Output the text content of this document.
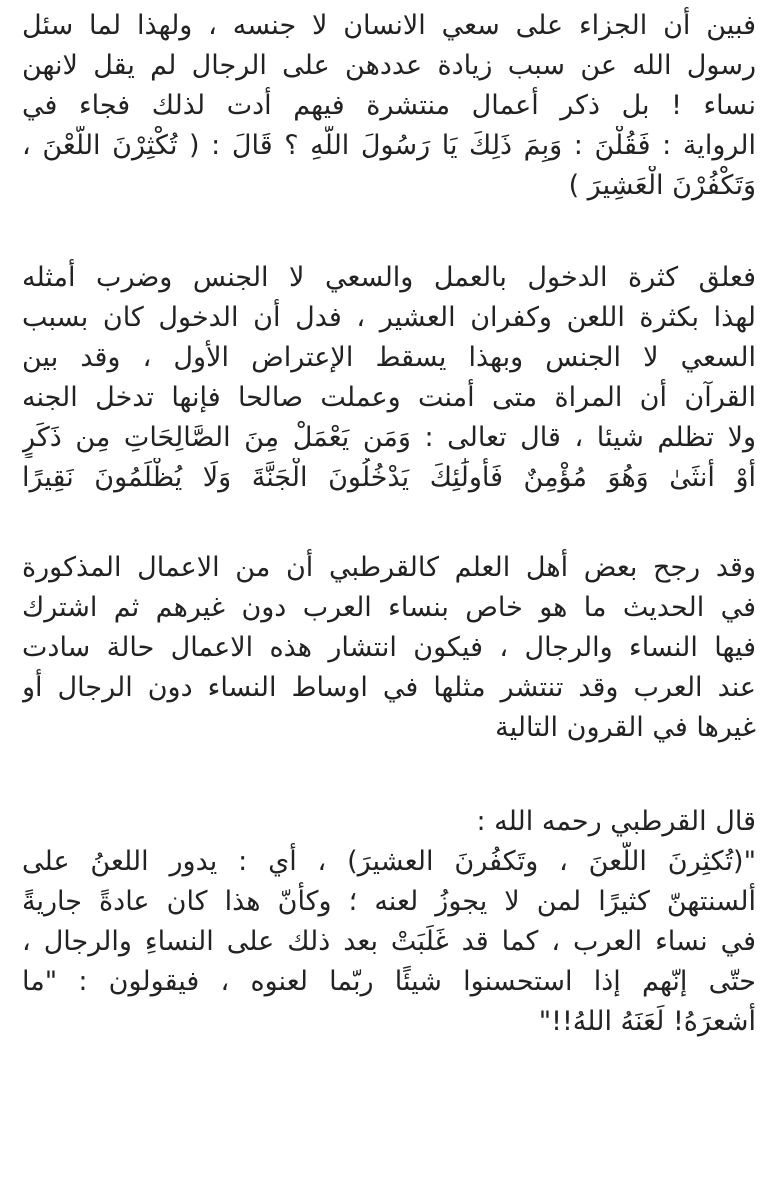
فبين أن الجزاء على سعي الانسان لا جنسه ، ولهذا لما سئل
رسول الله عن سبب زيادة عددهن على الرجال لم يقل لانهن
نساء ! بل ذكر أعمال منتشرة فيهم أدت لذلك فجاء في
الرواية : فَقُلْنَ : وَبِمَ ذَلِكَ يَا رَسُولَ اللَّهِ ؟ قَالَ : ( تُكْثِرْنَ اللَّعْنَ ،
وَتَكْفُرْنَ الْعَشِيرَ )
فعلق كثرة الدخول بالعمل والسعي لا الجنس وضرب أمثله
لهذا بكثرة اللعن وكفران العشير ، فدل أن الدخول كان بسبب
السعي لا الجنس وبهذا يسقط الإعتراض الأول ، وقد بين
القرآن أن المراة متى أمنت وعملت صالحا فإنها تدخل الجنه
ولا تظلم شيئا ، قال تعالى : وَمَن يَعْمَلْ مِنَ الصَّالِحَاتِ مِن ذَكَرٍ
أَوْ أُنثَىٰ وَهُوَ مُؤْمِنٌ فَأُولَٰئِكَ يَدْخُلُونَ الْجَنَّةَ وَلَا يُظْلَمُونَ نَقِيرًا
وقد رجح بعض أهل العلم كالقرطبي أن من الاعمال المذكورة
في الحديث ما هو خاص بنساء العرب دون غيرهم ثم اشترك
فيها النساء والرجال ، فيكون انتشار هذه الاعمال حالة سادت
عند العرب وقد تنتشر مثلها في اوساط النساء دون الرجال أو
غيرها في القرون التالية
قال القرطبي رحمه الله :
"(تُكثِرنَ اللَّعنَ ، وتَكفُرنَ العشيرَ) ، أي : يدور اللعنُ على
ألسنتهنّ كثيرًا لمن لا يجوزُ لعنه ؛ وكأنّ هذا كان عادةً جاريةً
في نساء العرب ، كما قد غَلَبَتْ بعد ذلك على النساءِ والرجال ،
حتّى إنّهم إذا استحسنوا شيئًا ربّما لعنوه ، فيقولون : "ما
أشعرَهُ! لَعَنَهُ اللهُ!!"
